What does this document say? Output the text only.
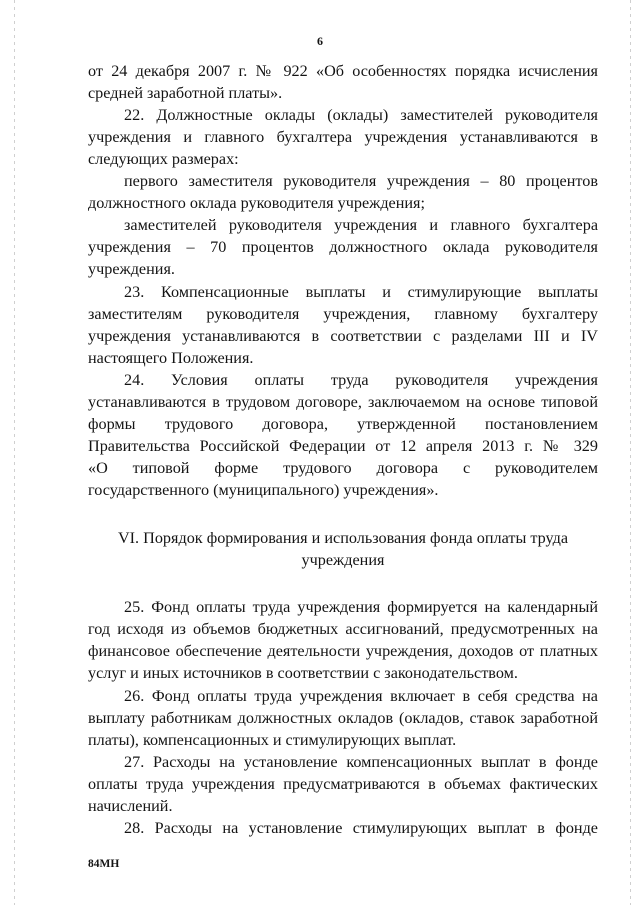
6
от 24 декабря 2007 г. № 922 «Об особенностях порядка исчисления
средней заработной платы».
22. Должностные оклады (оклады) заместителей руководителя
учреждения и главного бухгалтера учреждения устанавливаются в
следующих размерах:
первого заместителя руководителя учреждения – 80 процентов
должностного оклада руководителя учреждения;
заместителей руководителя учреждения и главного бухгалтера
учреждения – 70 процентов должностного оклада руководителя
учреждения.
23. Компенсационные выплаты и стимулирующие выплаты
заместителям руководителя учреждения, главному бухгалтеру
учреждения устанавливаются в соответствии с разделами III и IV
настоящего Положения.
24. Условия оплаты труда руководителя учреждения
устанавливаются в трудовом договоре, заключаемом на основе типовой
формы трудового договора, утвержденной постановлением
Правительства Российской Федерации от 12 апреля 2013 г. № 329
«О типовой форме трудового договора с руководителем
государственного (муниципального) учреждения».
VI. Порядок формирования и использования фонда оплаты труда
учреждения
25. Фонд оплаты труда учреждения формируется на календарный
год исходя из объемов бюджетных ассигнований, предусмотренных на
финансовое обеспечение деятельности учреждения, доходов от платных
услуг и иных источников в соответствии с законодательством.
26. Фонд оплаты труда учреждения включает в себя средства на
выплату работникам должностных окладов (окладов, ставок заработной
платы), компенсационных и стимулирующих выплат.
27. Расходы на установление компенсационных выплат в фонде
оплаты труда учреждения предусматриваются в объемах фактических
начислений.
28. Расходы на установление стимулирующих выплат в фонде
84МН
